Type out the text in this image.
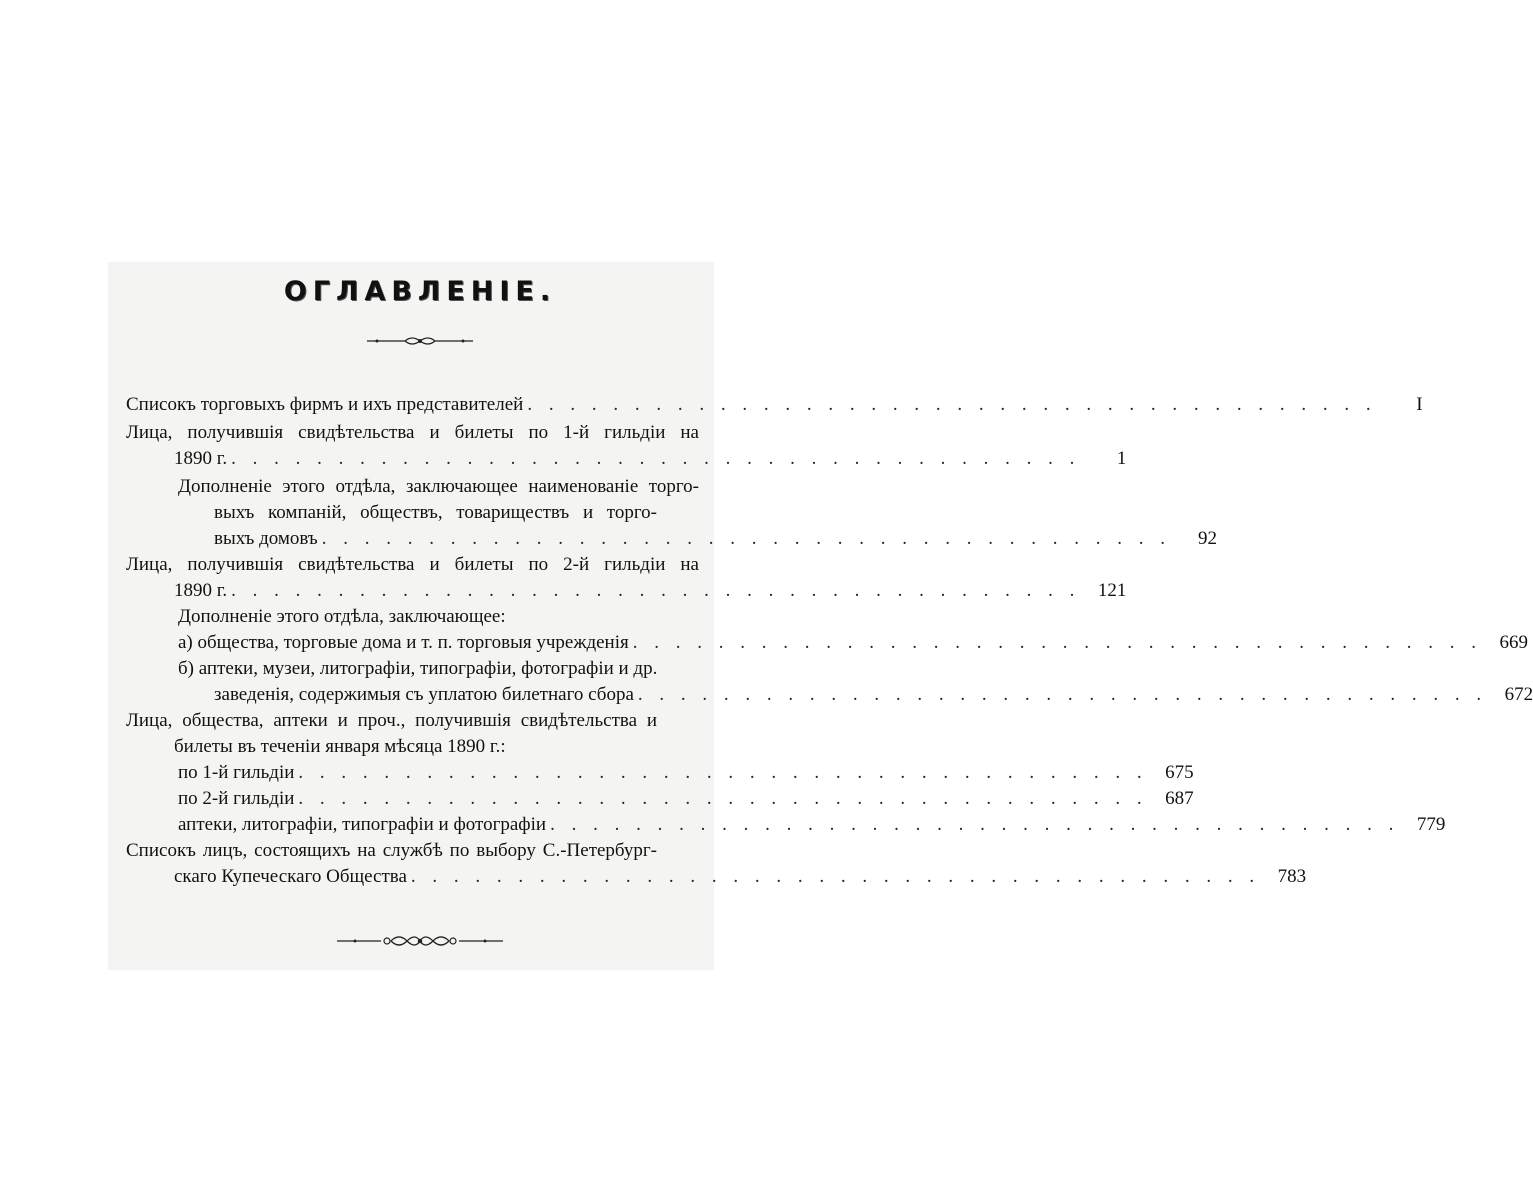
ОГЛАВЛЕНІЕ.
Списокъ торговыхъ фирмъ и ихъ представителей . . . . . . . . . . . . . . . . . . . . . . . . . . . . . . . . . . . . . . . .	I
Лица, получившія свидѣтельства и билеты по 1-й гильдіи на
1890 г. . . . . . . . . . . . . . . . . . . . . . . . . . . . . . . . . . . . . . . . .	1
Дополненіе этого отдѣла, заключающее наименованіе торго-
выхъ компаній, обществъ, товариществъ и торго-
выхъ домовъ . . . . . . . . . . . . . . . . . . . . . . . . . . . . . . . . . . . . . . . .	92
Лица, получившія свидѣтельства и билеты по 2-й гильдіи на
1890 г. . . . . . . . . . . . . . . . . . . . . . . . . . . . . . . . . . . . . . . . . 121
Дополненіе этого отдѣла, заключающее:
а) общества, торговые дома и т. п. торговыя учрежденія . . . . . . . . . . . . . . . . . . . . . . . . . . . . . . . . . . . . . . . . 669
б) аптеки, музеи, литографіи, типографіи, фотографіи и др.
заведенія, содержимыя съ уплатою билетнаго сбора . . . . . . . . . . . . . . . . . . . . . . . . . . . . . . . . . . . . . . . . 672
Лица, общества, аптеки и проч., получившія свидѣтельства и
билеты въ теченіи января мѣсяца 1890 г.:
по 1-й гильдіи . . . . . . . . . . . . . . . . . . . . . . . . . . . . . . . . . . . . . . . . 675
по 2-й гильдіи . . . . . . . . . . . . . . . . . . . . . . . . . . . . . . . . . . . . . . . . 687
аптеки, литографіи, типографіи и фотографіи . . . . . . . . . . . . . . . . . . . . . . . . . . . . . . . . . . . . . . . . 779
Списокъ лицъ, состоящихъ на службѣ по выбору С.-Петербург-
скаго Купеческаго Общества . . . . . . . . . . . . . . . . . . . . . . . . . . . . . . . . . . . . . . . . 783
